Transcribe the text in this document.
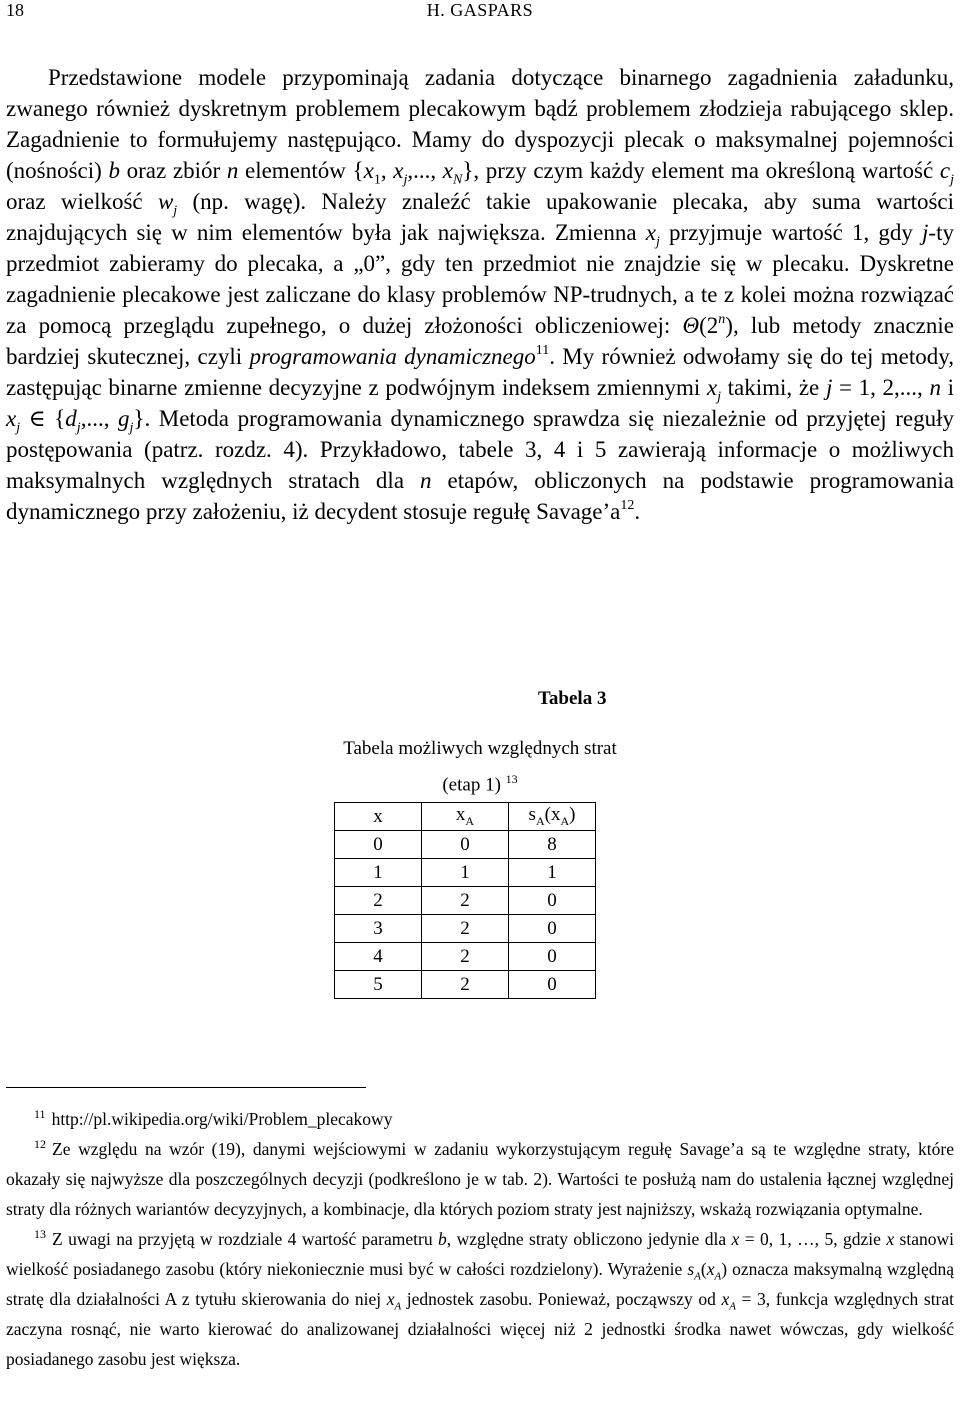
18	H. GASPARS

Przedstawione modele przypominają zadania dotyczące binarnego zagadnienia załadunku, zwanego również dyskretnym problemem plecakowym bądź problemem złodzieja rabującego sklep. Zagadnienie to formułujemy następująco. Mamy do dyspozycji plecak o maksymalnej pojemności (nośności) b oraz zbiór n elementów {$x_1$, $x_j$,..., $x_N$}, przy czym każdy element ma określoną wartość $c_j$ oraz wielkość $w_j$ (np. wagę). Należy znaleźć takie upakowanie plecaka, aby suma wartości znajdujących się w nim elementów była jak największa. Zmienna $x_j$ przyjmuje wartość 1, gdy j-ty przedmiot zabieramy do plecaka, a „0”, gdy ten przedmiot nie znajdzie się w plecaku. Dyskretne zagadnienie plecakowe jest zaliczane do klasy problemów NP-trudnych, a te z kolei można rozwiązać za pomocą przeglądu zupełnego, o dużej złożoności obliczeniowej: Θ(2$^n$), lub metody znacznie bardziej skutecznej, czyli programowania dynamicznego$^{11}$. My również odwołamy się do tej metody, zastępując binarne zmienne decyzyjne z podwójnym indeksem zmiennymi $x_j$ takimi, że j = 1, 2,..., n i $x_j$ ∈ {$d_j$,..., $g_j$}. Metoda programowania dynamicznego sprawdza się niezależnie od przyjętej reguły postępowania (patrz. rozdz. 4). Przykładowo, tabele 3, 4 i 5 zawierają informacje o możliwych maksymalnych względnych stratach dla n etapów, obliczonych na podstawie programowania dynamicznego przy założeniu, iż decydent stosuje regułę $Savage’a^{12}$.

Tabela 3
Tabela możliwych względnych strat
(etap 1) $^{13}$
x	$x_A$	$s_A(x_A)$
0	0	8
1	1	1
2	2	0
3	2	0
4	2	0
5	2	0

$^{11}$ http://pl.wikipedia.org/wiki/Problem_plecakowy

$^{12}$ Ze względu na wzór (19), danymi wejściowymi w zadaniu wykorzystującym regułę Savage’a są te względne straty, które okazały się najwyższe dla poszczególnych decyzji (podkreślono je w tab. 2). Wartości te posłużą nam do ustalenia łącznej względnej straty dla różnych wariantów decyzyjnych, a kombinacje, dla których poziom straty jest najniższy, wskażą rozwiązania optymalne.

$^{13}$ Z uwagi na przyjętą w rozdziale 4 wartość parametru b, względne straty obliczono jedynie dla x = 0, 1, …, 5, gdzie x stanowi wielkość posiadanego zasobu (który niekoniecznie musi być w całości rozdzielony). Wyrażenie $s_A(x_A)$ oznacza maksymalną względną stratę dla działalności A z tytułu skierowania do niej $x_A$ jednostek zasobu. Ponieważ, począwszy od $x_A = 3$, funkcja względnych strat zaczyna rosnąć, nie warto kierować do analizowanej działalności więcej niż 2 jednostki środka nawet wówczas, gdy wielkość posiadanego zasobu jest większa.
